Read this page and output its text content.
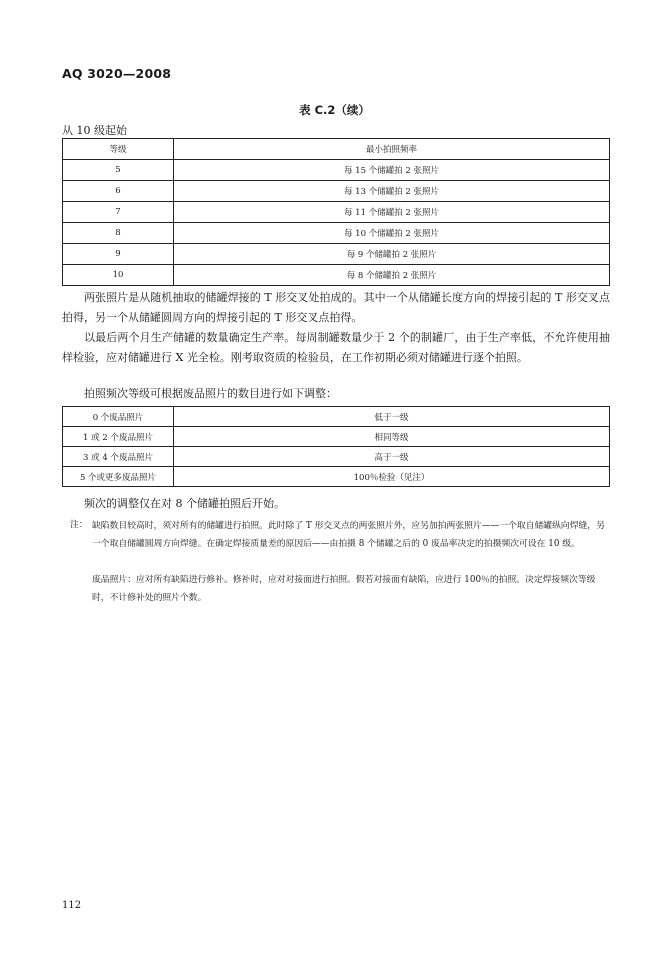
AQ 3020—2008
表 C.2（续）
从 10 级起始
等级	最小拍照频率
5	每 15 个储罐拍 2 张照片
6	每 13 个储罐拍 2 张照片
7	每 11 个储罐拍 2 张照片
8	每 10 个储罐拍 2 张照片
9	每 9 个储罐拍 2 张照片
10	每 8 个储罐拍 2 张照片

两张照片是从随机抽取的储罐焊接的 T 形交叉处拍成的。其中一个从储罐长度方向的焊接引起的 T 形交叉点拍得，另一个从储罐圆周方向的焊接引起的 T 形交叉点拍得。

以最后两个月生产储罐的数量确定生产率。每周制罐数量少于 2 个的制罐厂，由于生产率低，不允许使用抽样检验，应对储罐进行 X 光全检。刚考取资质的检验员，在工作初期必须对储罐进行逐个拍照。

拍照频次等级可根据废品照片的数目进行如下调整：

0 个废品照片	低于一级
1 或 2 个废品照片	相同等级
3 或 4 个废品照片	高于一级
5 个或更多废品照片	100％检验（见注）

频次的调整仅在对 8 个储罐拍照后开始。

注： 缺陷数目较高时，须对所有的储罐进行拍照。此时除了 T 形交叉点的两张照片外，应另加拍两张照片——一个取自储罐纵向焊缝，另一个取自储罐圆周方向焊缝。在确定焊接质量差的原因后——由拍摄 8 个储罐之后的 0 废品率决定的拍摄频次可设在 10 级。

废品照片：应对所有缺陷进行修补。修补时，应对对接面进行拍照。假若对接面有缺陷，应进行 100％的拍照。决定焊接频次等级时，不计修补处的照片个数。

112
